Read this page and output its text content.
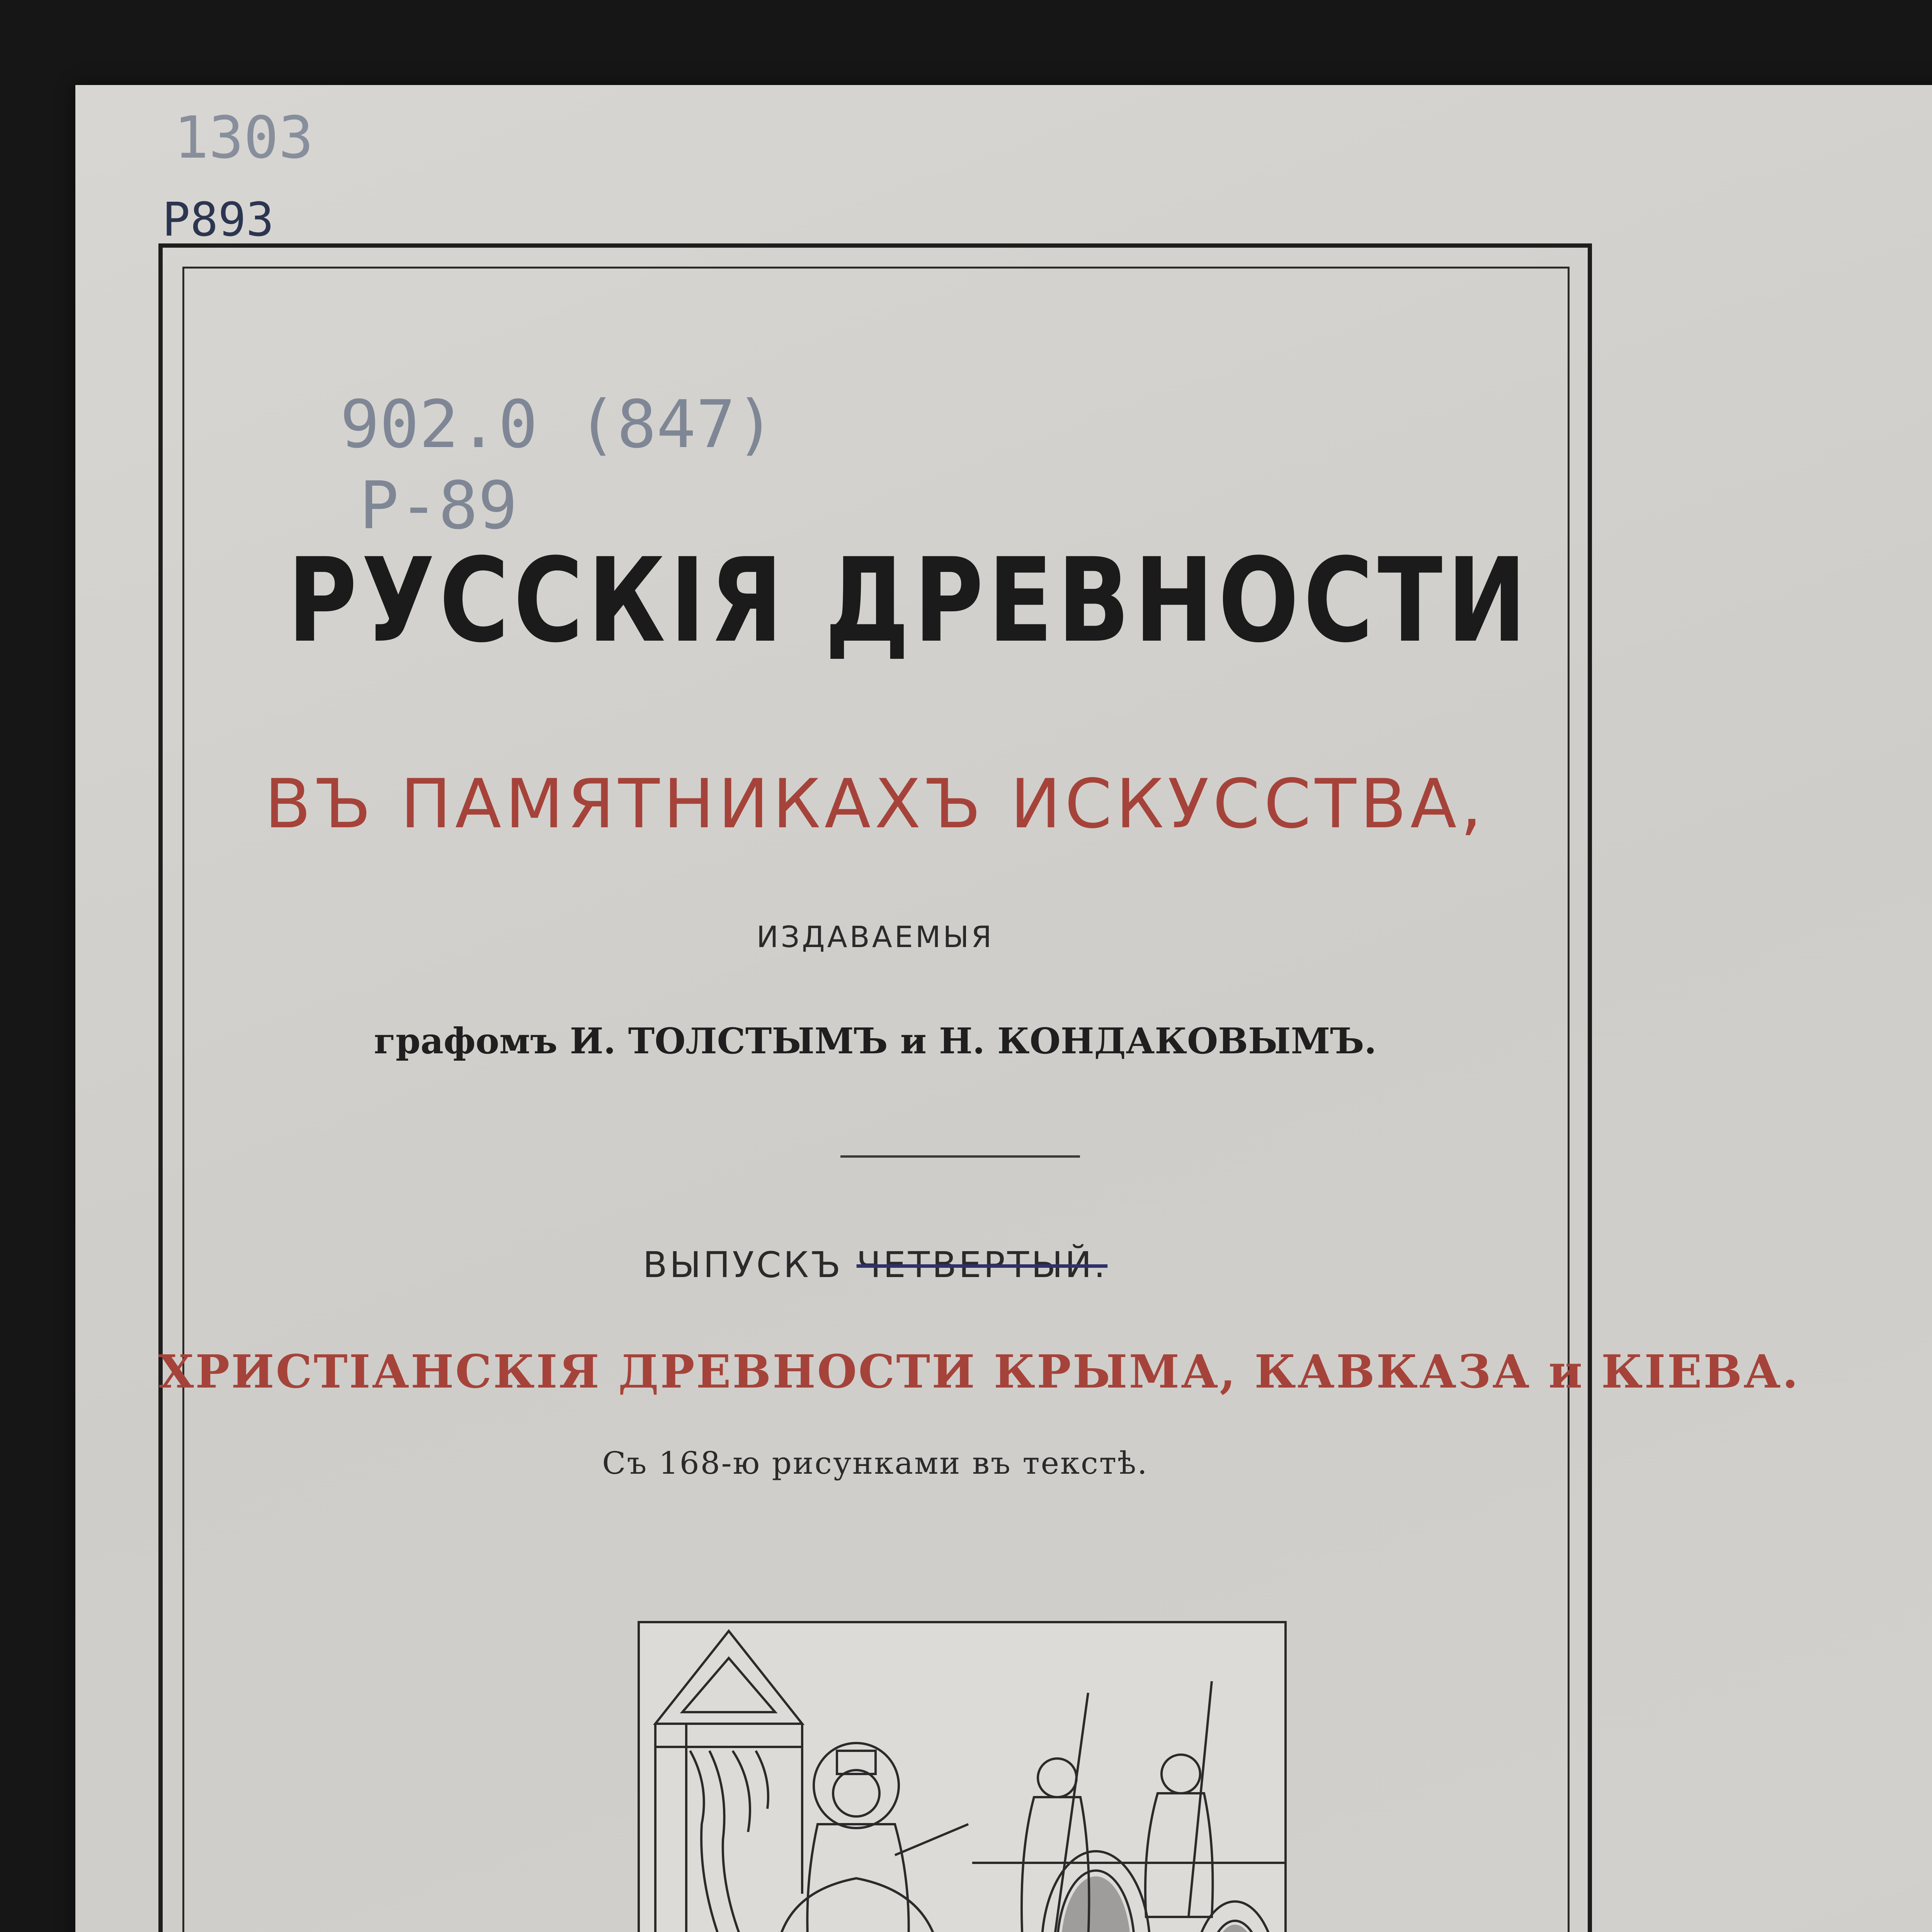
1303
P893
902.0 (847)
P-89
РУССКІЯ ДРЕВНОСТИ
ВЪ ПАМЯТНИКАХЪ ИСКУССТВА,
ИЗДАВАЕМЫЯ
графомъ И. ТОЛСТЫМЪ и Н. КОНДАКОВЫМЪ.
ВЫПУСКЪ ЧЕТВЕРТЫЙ.
ХРИСТІАНСКІЯ ДРЕВНОСТИ КРЫМА, КАВКАЗА и КІЕВА.
Съ 168-ю рисунками въ текстѣ.
